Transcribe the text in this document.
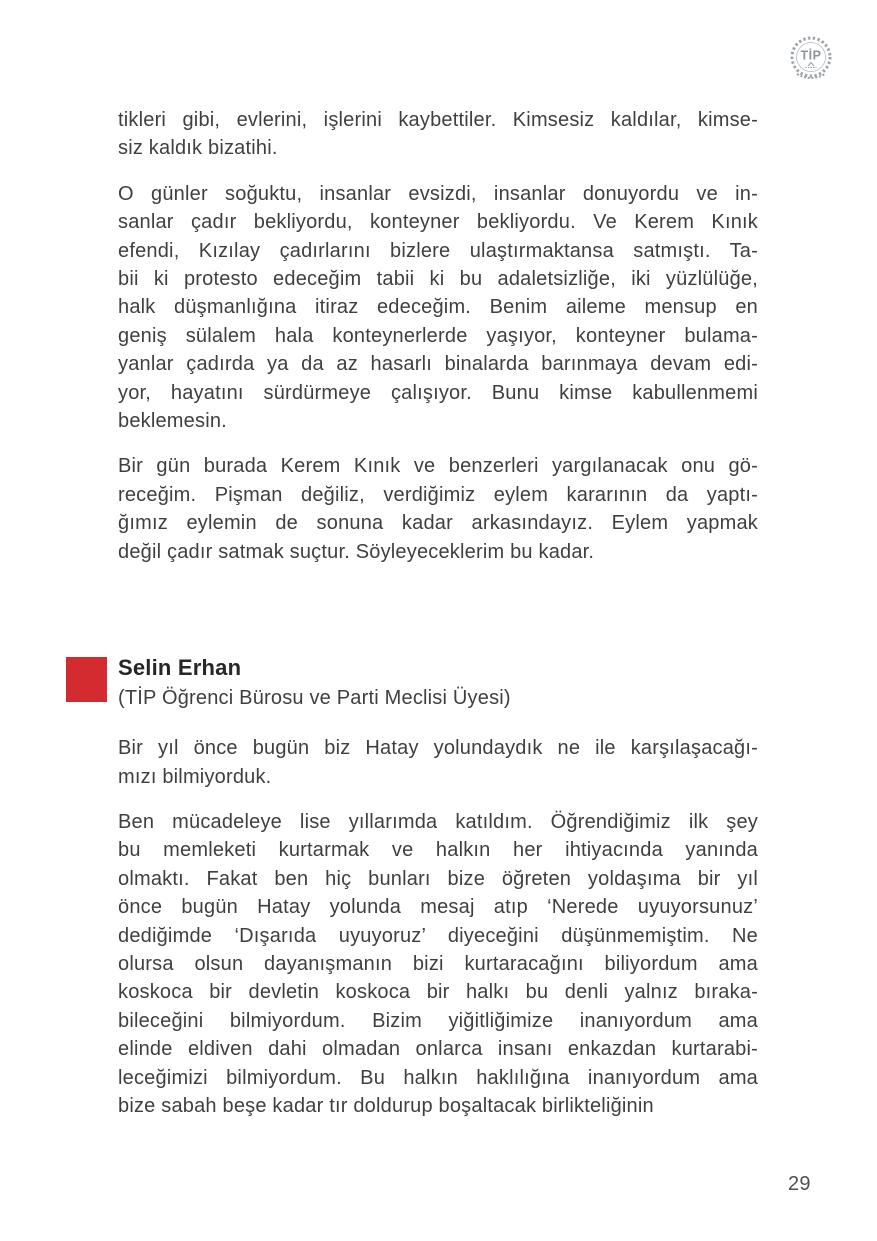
TİP
tikleri gibi, evlerini, işlerini kaybettiler. Kimsesiz kaldılar, kimse-
siz kaldık bizatihi.
O günler soğuktu, insanlar evsizdi, insanlar donuyordu ve in-
sanlar çadır bekliyordu, konteyner bekliyordu. Ve Kerem Kınık
efendi, Kızılay çadırlarını bizlere ulaştırmaktansa satmıştı. Ta-
bii ki protesto edeceğim tabii ki bu adaletsizliğe, iki yüzlülüğe,
halk düşmanlığına itiraz edeceğim. Benim aileme mensup en
geniş sülalem hala konteynerlerde yaşıyor, konteyner bulama-
yanlar çadırda ya da az hasarlı binalarda barınmaya devam edi-
yor, hayatını sürdürmeye çalışıyor. Bunu kimse kabullenmemi
beklemesin.
Bir gün burada Kerem Kınık ve benzerleri yargılanacak onu gö-
receğim. Pişman değiliz, verdiğimiz eylem kararının da yaptı-
ğımız eylemin de sonuna kadar arkasındayız. Eylem yapmak
değil çadır satmak suçtur. Söyleyeceklerim bu kadar.
Selin Erhan
(TİP Öğrenci Bürosu ve Parti Meclisi Üyesi)
Bir yıl önce bugün biz Hatay yolundaydık ne ile karşılaşacağı-
mızı bilmiyorduk.
Ben mücadeleye lise yıllarımda katıldım. Öğrendiğimiz ilk şey
bu memleketi kurtarmak ve halkın her ihtiyacında yanında
olmaktı. Fakat ben hiç bunları bize öğreten yoldaşıma bir yıl
önce bugün Hatay yolunda mesaj atıp ‘Nerede uyuyorsunuz’
dediğimde ‘Dışarıda uyuyoruz’ diyeceğini düşünmemiştim. Ne
olursa olsun dayanışmanın bizi kurtaracağını biliyordum ama
koskoca bir devletin koskoca bir halkı bu denli yalnız bıraka-
bileceğini bilmiyordum. Bizim yiğitliğimize inanıyordum ama
elinde eldiven dahi olmadan onlarca insanı enkazdan kurtarabi-
leceğimizi bilmiyordum. Bu halkın haklılığına inanıyordum ama
bize sabah beşe kadar tır doldurup boşaltacak birlikteliğinin
29
